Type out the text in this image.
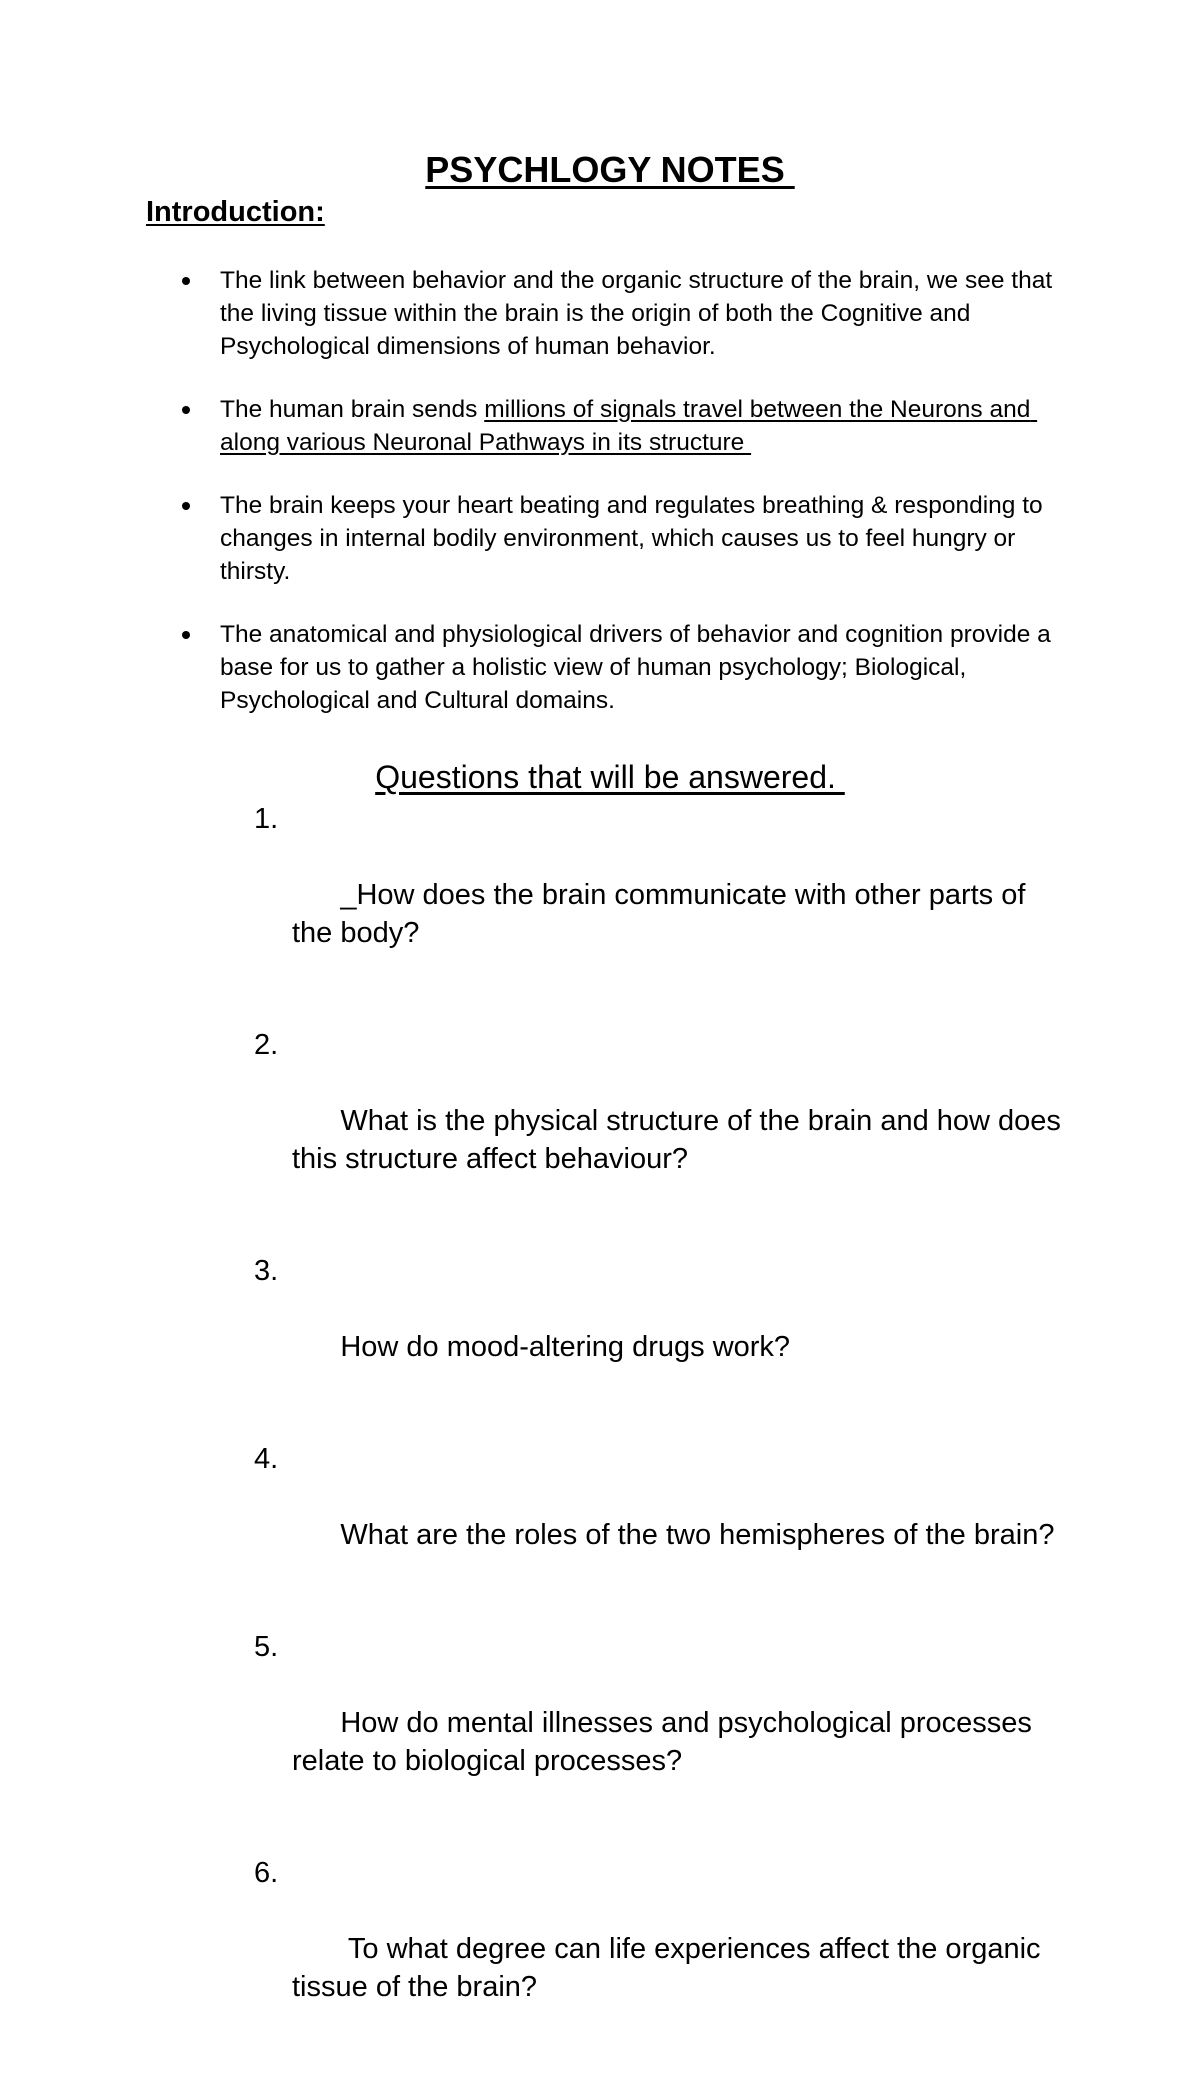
PSYCHLOGY NOTES
Introduction:
The link between behavior and the organic structure of the brain, we see that the living tissue within the brain is the origin of both the Cognitive and Psychological dimensions of human behavior.
The human brain sends millions of signals travel between the Neurons and along various Neuronal Pathways in its structure
The brain keeps your heart beating and regulates breathing & responding to changes in internal bodily environment, which causes us to feel hungry or thirsty.
The anatomical and physiological drivers of behavior and cognition provide a base for us to gather a holistic view of human psychology; Biological, Psychological and Cultural domains.
Questions that will be answered.

1.

_How does the brain communicate with other parts of the body?

2.

What is the physical structure of the brain and how does this structure affect behaviour?

3.

How do mood-altering drugs work?

4.

What are the roles of the two hemispheres of the brain?

5.

How do mental illnesses and psychological processes relate to biological processes?

6.

To what degree can life experiences affect the organic tissue of the brain?
